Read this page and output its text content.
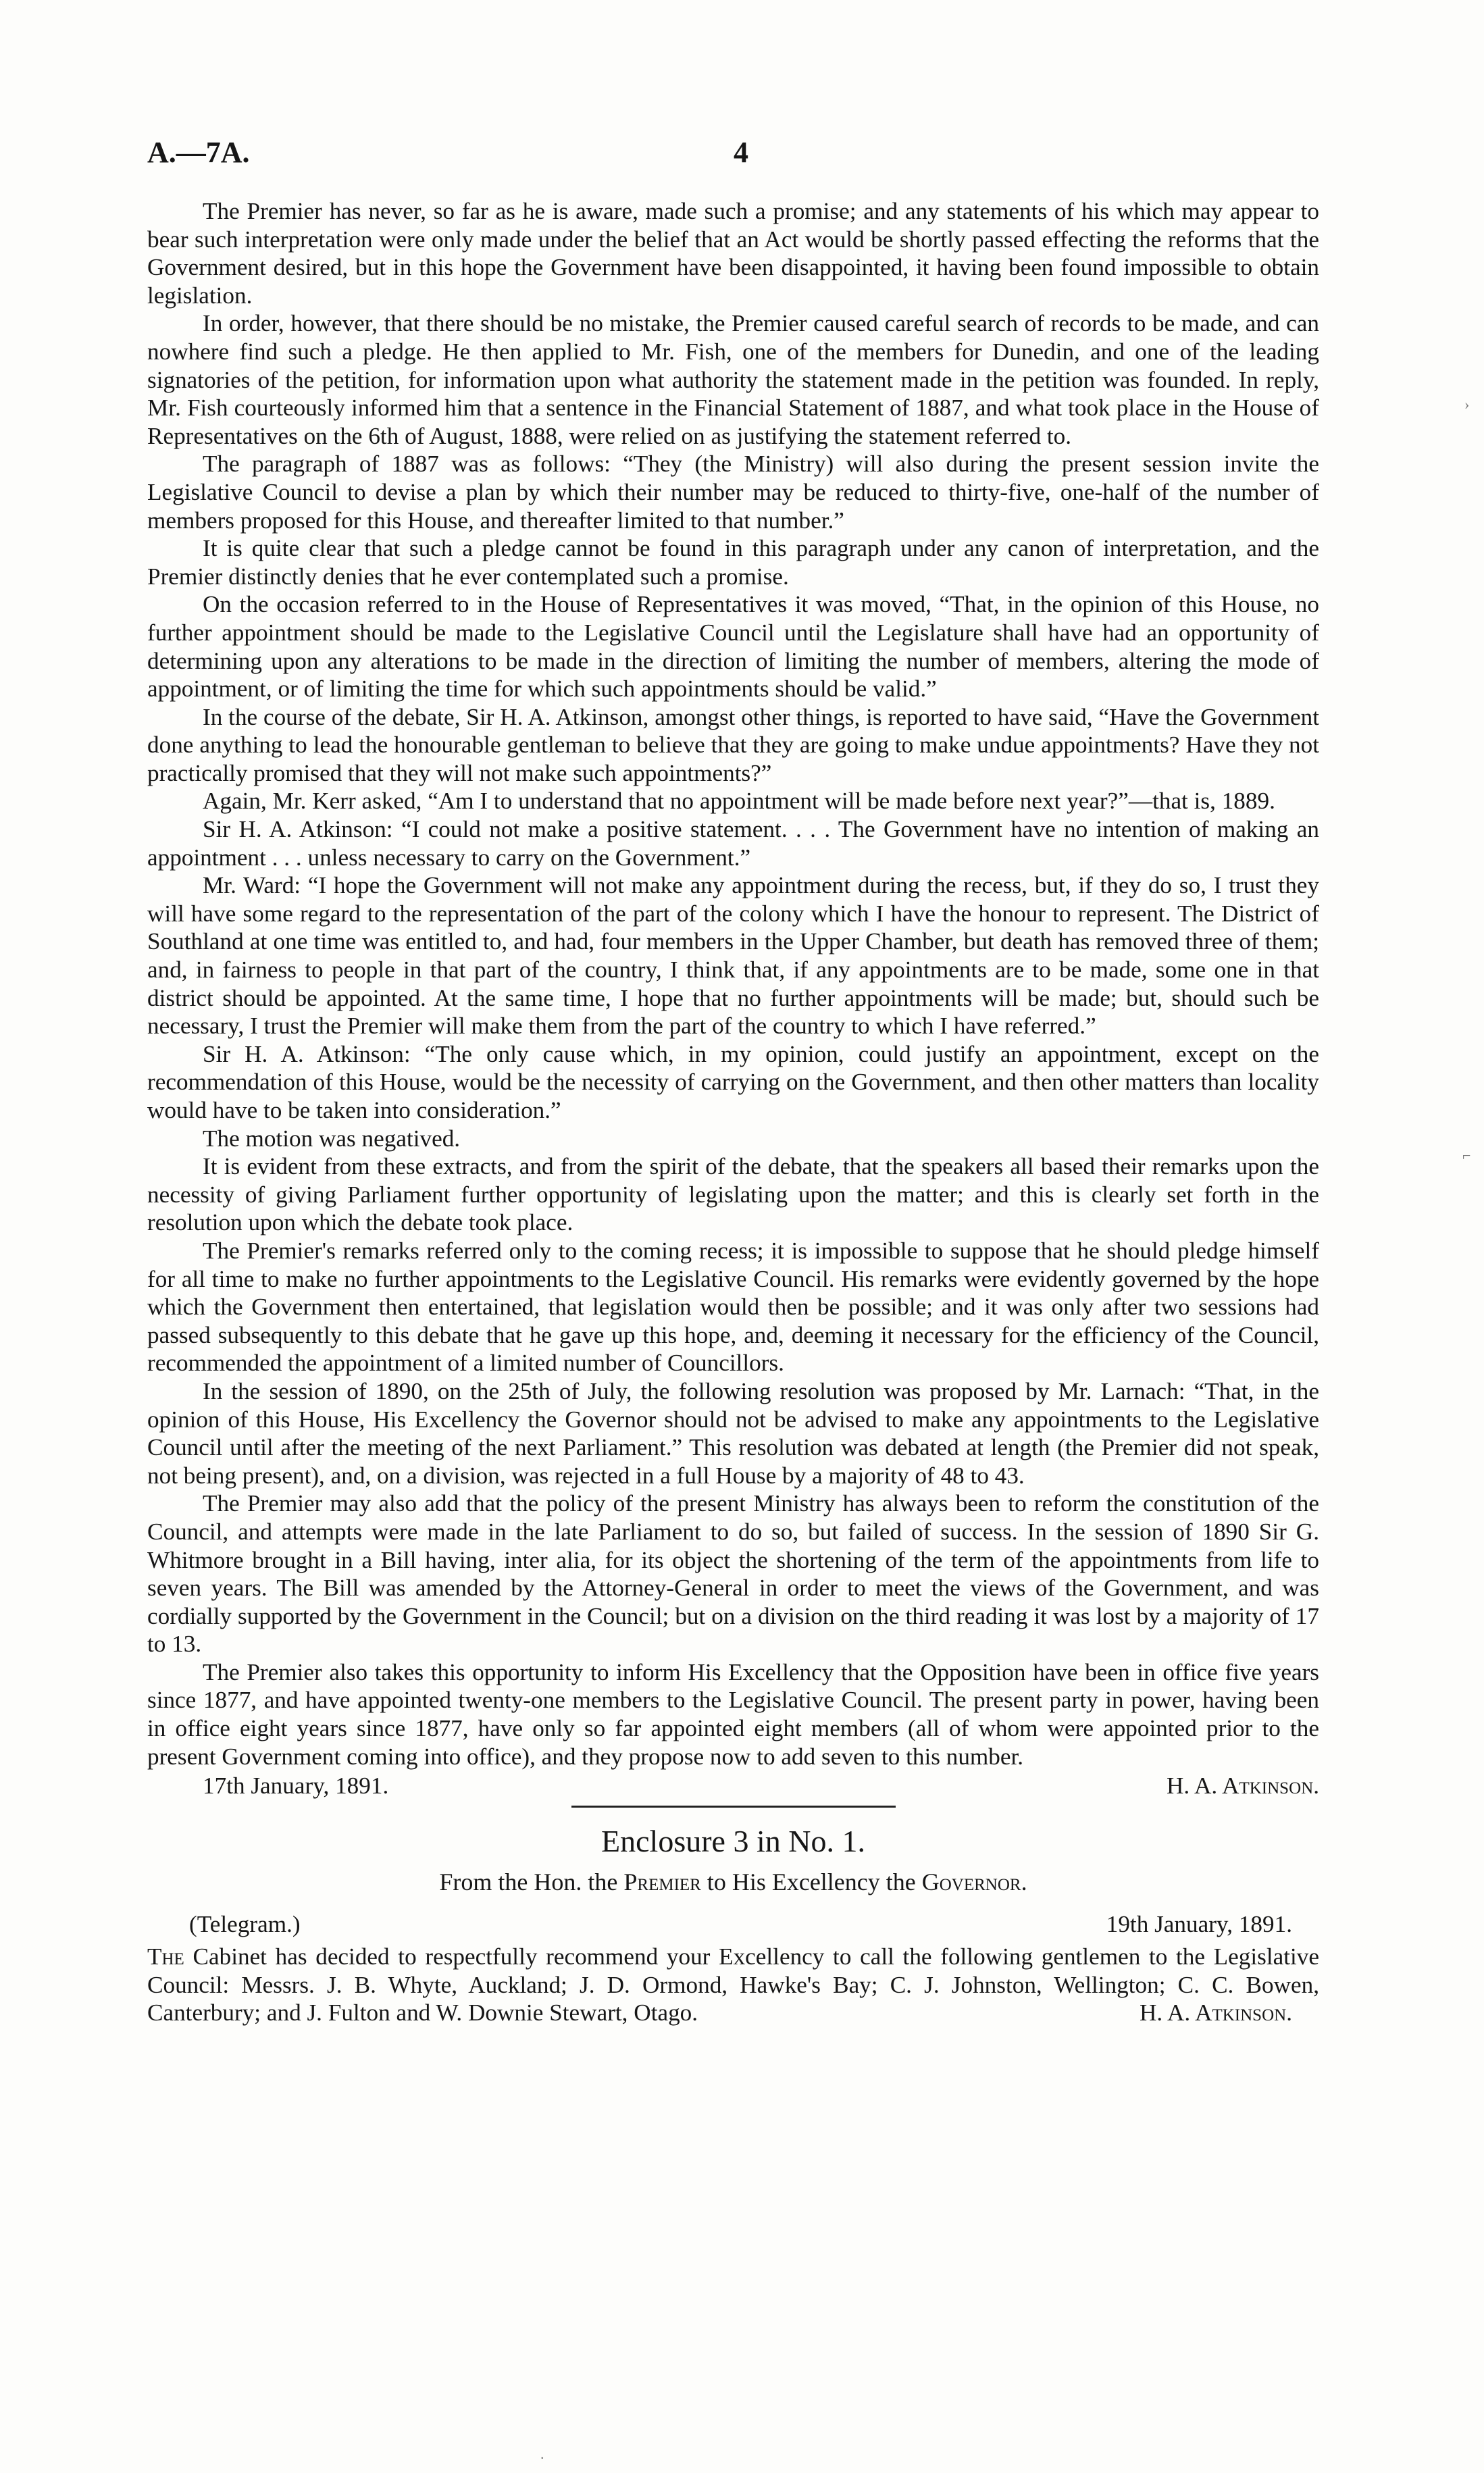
A.—7A.	4

The Premier has never, so far as he is aware, made such a promise; and any statements of his which may appear to bear such interpretation were only made under the belief that an Act would be shortly passed effecting the reforms that the Government desired, but in this hope the Government have been disappointed, it having been found impossible to obtain legislation.

In order, however, that there should be no mistake, the Premier caused careful search of records to be made, and can nowhere find such a pledge. He then applied to Mr. Fish, one of the members for Dunedin, and one of the leading signatories of the petition, for information upon what authority the statement made in the petition was founded. In reply, Mr. Fish courteously informed him that a sentence in the Financial Statement of 1887, and what took place in the House of Representatives on the 6th of August, 1888, were relied on as justifying the statement referred to.

The paragraph of 1887 was as follows: “They (the Ministry) will also during the present session invite the Legislative Council to devise a plan by which their number may be reduced to thirty-five, one-half of the number of members proposed for this House, and thereafter limited to that number.”

It is quite clear that such a pledge cannot be found in this paragraph under any canon of interpretation, and the Premier distinctly denies that he ever contemplated such a promise.

On the occasion referred to in the House of Representatives it was moved, “That, in the opinion of this House, no further appointment should be made to the Legislative Council until the Legislature shall have had an opportunity of determining upon any alterations to be made in the direction of limiting the number of members, altering the mode of appointment, or of limiting the time for which such appointments should be valid.”

In the course of the debate, Sir H. A. Atkinson, amongst other things, is reported to have said, “Have the Government done anything to lead the honourable gentleman to believe that they are going to make undue appointments? Have they not practically promised that they will not make such appointments?”

Again, Mr. Kerr asked, “Am I to understand that no appointment will be made before next year?”—that is, 1889.

Sir H. A. Atkinson: “I could not make a positive statement. . . . The Government have no intention of making an appointment . . . unless necessary to carry on the Government.”

Mr. Ward: “I hope the Government will not make any appointment during the recess, but, if they do so, I trust they will have some regard to the representation of the part of the colony which I have the honour to represent. The District of Southland at one time was entitled to, and had, four members in the Upper Chamber, but death has removed three of them; and, in fairness to people in that part of the country, I think that, if any appointments are to be made, some one in that district should be appointed. At the same time, I hope that no further appointments will be made; but, should such be necessary, I trust the Premier will make them from the part of the country to which I have referred.”

Sir H. A. Atkinson: “The only cause which, in my opinion, could justify an appointment, except on the recommendation of this House, would be the necessity of carrying on the Government, and then other matters than locality would have to be taken into consideration.”

The motion was negatived.

It is evident from these extracts, and from the spirit of the debate, that the speakers all based their remarks upon the necessity of giving Parliament further opportunity of legislating upon the matter; and this is clearly set forth in the resolution upon which the debate took place.

The Premier's remarks referred only to the coming recess; it is impossible to suppose that he should pledge himself for all time to make no further appointments to the Legislative Council. His remarks were evidently governed by the hope which the Government then entertained, that legislation would then be possible; and it was only after two sessions had passed subsequently to this debate that he gave up this hope, and, deeming it necessary for the efficiency of the Council, recommended the appointment of a limited number of Councillors.

In the session of 1890, on the 25th of July, the following resolution was proposed by Mr. Larnach: “That, in the opinion of this House, His Excellency the Governor should not be advised to make any appointments to the Legislative Council until after the meeting of the next Parliament.” This resolution was debated at length (the Premier did not speak, not being present), and, on a division, was rejected in a full House by a majority of 48 to 43.

The Premier may also add that the policy of the present Ministry has always been to reform the constitution of the Council, and attempts were made in the late Parliament to do so, but failed of success. In the session of 1890 Sir G. Whitmore brought in a Bill having, inter alia, for its object the shortening of the term of the appointments from life to seven years. The Bill was amended by the Attorney-General in order to meet the views of the Government, and was cordially supported by the Government in the Council; but on a division on the third reading it was lost by a majority of 17 to 13.

The Premier also takes this opportunity to inform His Excellency that the Opposition have been in office five years since 1877, and have appointed twenty-one members to the Legislative Council. The present party in power, having been in office eight years since 1877, have only so far appointed eight members (all of whom were appointed prior to the present Government coming into office), and they propose now to add seven to this number.

17th January, 1891.	H. A. Atkinson.
Enclosure 3 in No. 1.
From the Hon. the Premier to His Excellency the Governor.
(Telegram.)	19th January, 1891.

The Cabinet has decided to respectfully recommend your Excellency to call the following gentlemen to the Legislative Council: Messrs. J. B. Whyte, Auckland; J. D. Ormond, Hawke's Bay; C. J. Johnston, Wellington; C. C. Bowen, Canterbury; and J. Fulton and W. Downie Stewart, Otago.	H. A. Atkinson.
›
⌐
.
